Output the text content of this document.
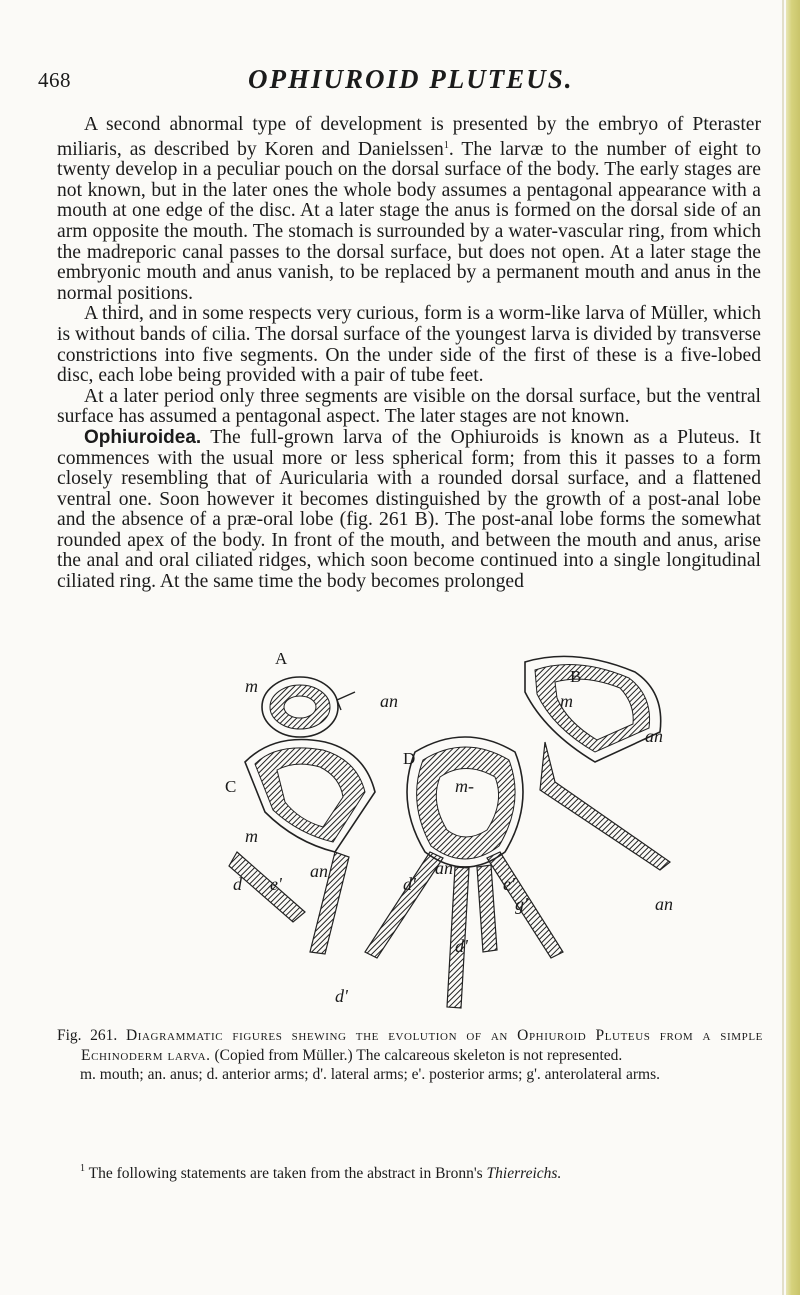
468	OPHIUROID PLUTEUS.

A second abnormal type of development is presented by the embryo of Pteraster miliaris, as described by Koren and Danielssen$^1$. The larvæ to the number of eight to twenty develop in a peculiar pouch on the dorsal surface of the body. The early stages are not known, but in the later ones the whole body assumes a pentagonal appearance with a mouth at one edge of the disc. At a later stage the anus is formed on the dorsal side of an arm opposite the mouth. The stomach is surrounded by a water-vascular ring, from which the madreporic canal passes to the dorsal surface, but does not open. At a later stage the embryonic mouth and anus vanish, to be replaced by a permanent mouth and anus in the normal positions.

A third, and in some respects very curious, form is a worm-like larva of Müller, which is without bands of cilia. The dorsal surface of the youngest larva is divided by transverse constrictions into five segments. On the under side of the first of these is a five-lobed disc, each lobe being provided with a pair of tube feet.

At a later period only three segments are visible on the dorsal surface, but the ventral surface has assumed a pentagonal aspect. The later stages are not known.

Ophiuroidea. The full-grown larva of the Ophiuroids is known as a Pluteus. It commences with the usual more or less spherical form; from this it passes to a form closely resembling that of Auricularia with a rounded dorsal surface, and a flattened ventral one. Soon however it becomes distinguished by the growth of a post-anal lobe and the absence of a præ-oral lobe (fig. 261 B). The post-anal lobe forms the somewhat rounded apex of the body. In front of the mouth, and between the mouth and anus, arise the anal and oral ciliated ridges, which soon become continued into a single longitudinal ciliated ring. At the same time the body becomes prolonged

A
B
C
D
m
an	m
an
m
m-
an	an
an
d e'	d'	e'
g'
d'
d'

Fig. 261. Diagrammatic figures shewing the evolution of an Ophiuroid Pluteus from a simple Echinoderm larva. (Copied from Müller.) The calcareous skeleton is not represented.

m. mouth; an. anus; d. anterior arms; d'. lateral arms; e'. posterior arms; g'. anterolateral arms.

$^1$ The following statements are taken from the abstract in Bronn's Thierreichs.
